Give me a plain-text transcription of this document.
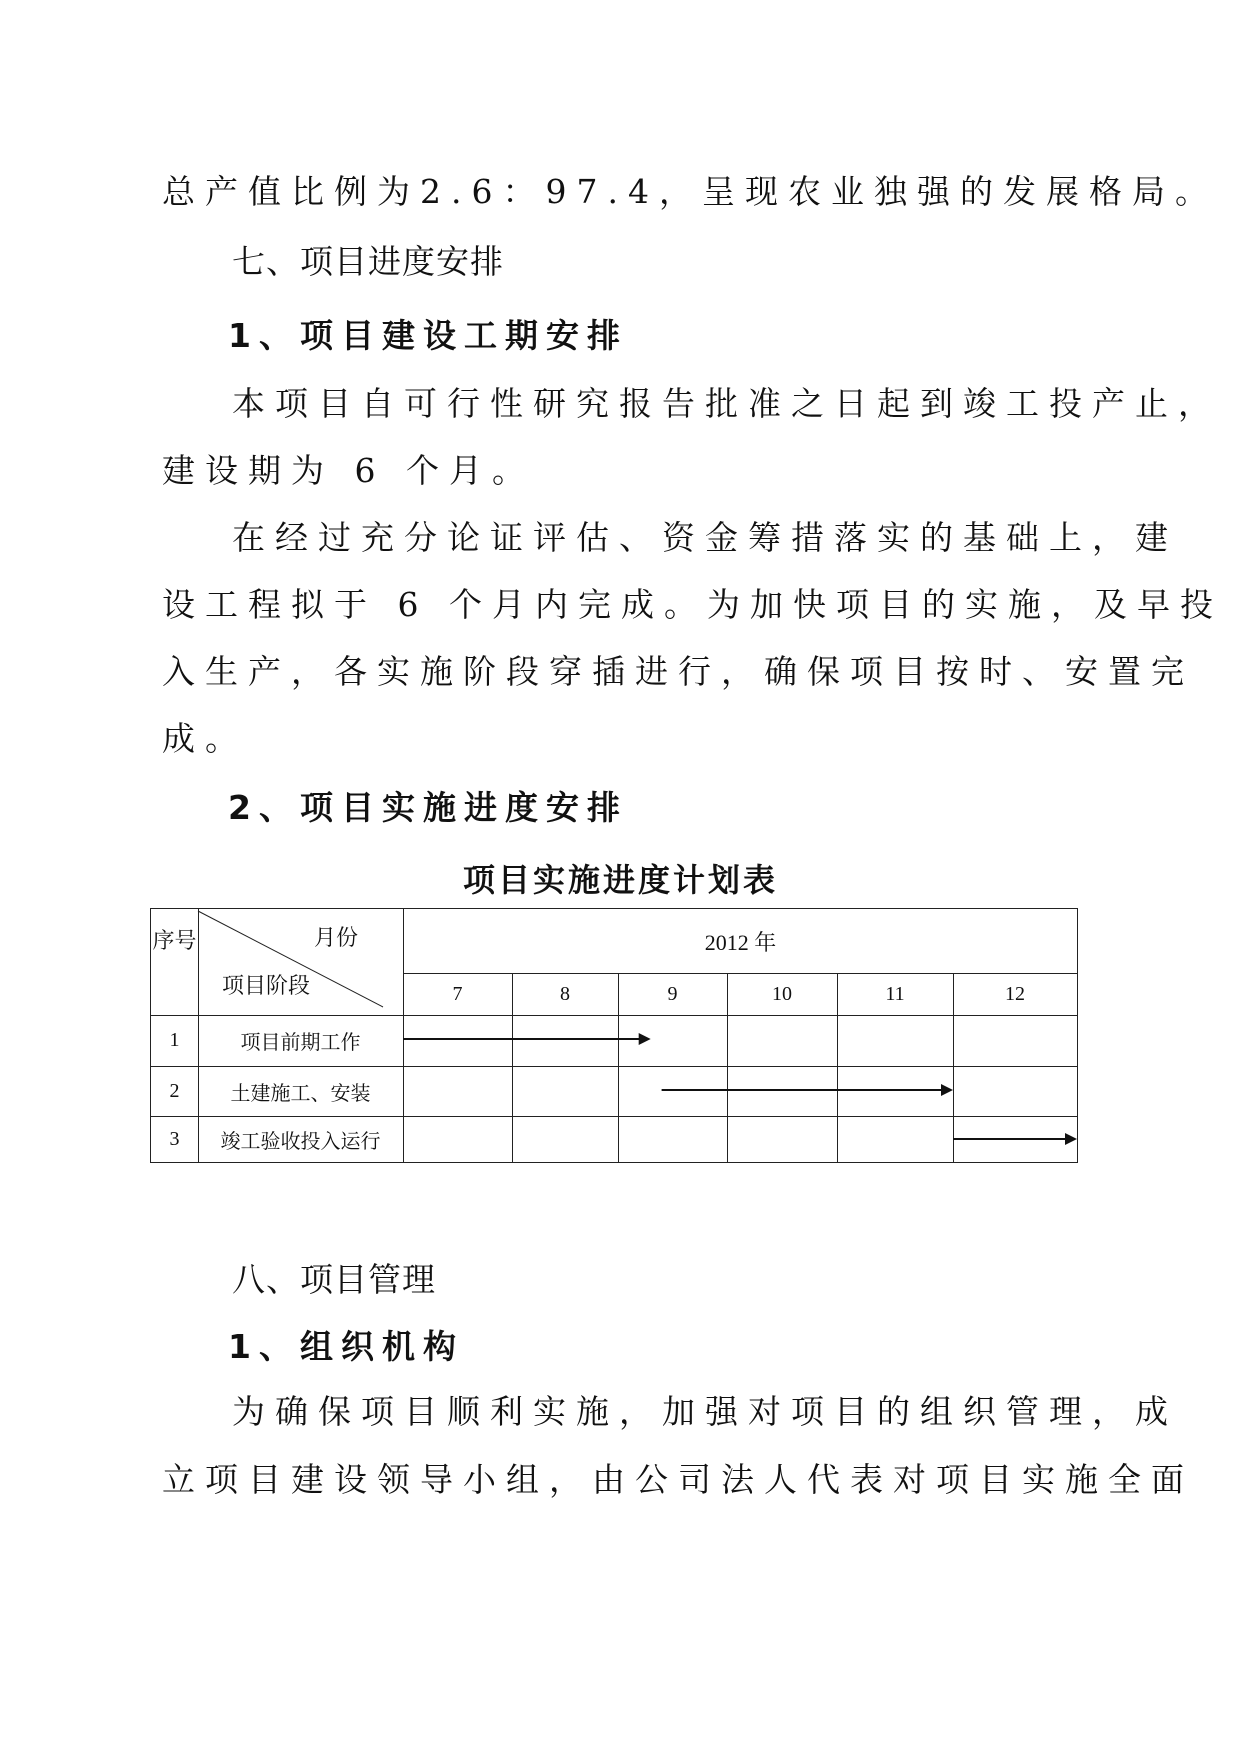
总产值比例为2.6：97.4，呈现农业独强的发展格局。
七、项目进度安排
1、项目建设工期安排
本项目自可行性研究报告批准之日起到竣工投产止，
建设期为 6 个月。
在经过充分论证评估、资金筹措落实的基础上，建
设工程拟于 6 个月内完成。为加快项目的实施，及早投
入生产，各实施阶段穿插进行，确保项目按时、安置完
成。
2、项目实施进度安排
项目实施进度计划表
序号	月份
项目阶段
2012 年
7	8	9	10	11	12
1	项目前期工作
2	土建施工、安装
3	竣工验收投入运行
八、项目管理
1、组织机构
为确保项目顺利实施，加强对项目的组织管理，成
立项目建设领导小组，由公司法人代表对项目实施全面
